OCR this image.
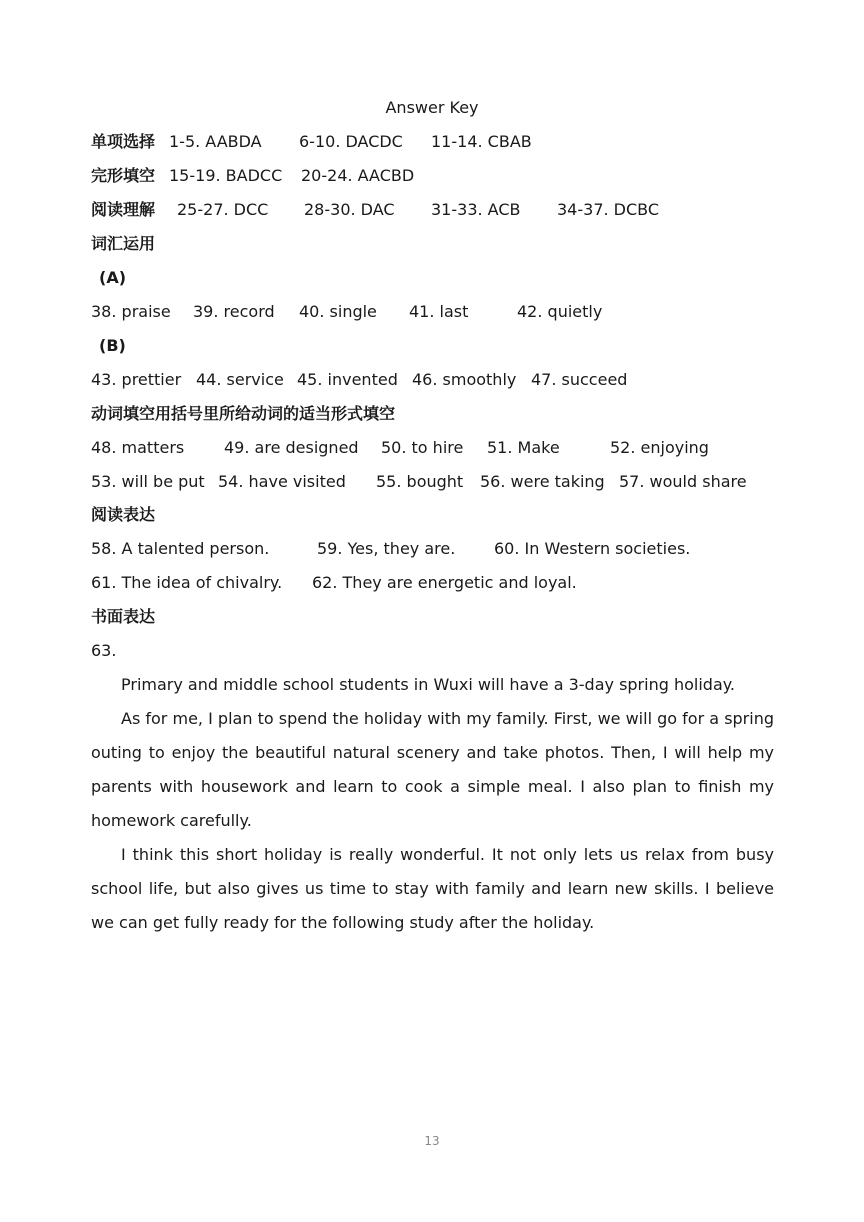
Answer Key
单项选择 1-5. AABDA 6-10. DACDC 11-14. CBAB
完形填空 15-19. BADCC 20-24. AACBD
阅读理解 25-27. DCC 28-30. DAC 31-33. ACB 34-37. DCBC
词汇运用
(A)
38. praise 39. record 40. single 41. last	42. quietly
(B)
43. prettier 44. service 45. invented 46. smoothly 47. succeed
动词填空用括号里所给动词的适当形式填空
48. matters 49. are designed 50. to hire 51. Make	52. enjoying
53. will be put 54. have visited 55. bought 56. were taking 57. would share
阅读表达
58. A talented person.	59. Yes, they are. 60. In Western societies.
61. The idea of chivalry. 62. They are energetic and loyal.
书面表达
63.

Primary and middle school students in Wuxi will have a 3-day spring holiday.

As for me, I plan to spend the holiday with my family. First, we will go for a spring outing to enjoy the beautiful natural scenery and take photos. Then, I will help my parents with housework and learn to cook a simple meal. I also plan to finish my homework carefully.

I think this short holiday is really wonderful. It not only lets us relax from busy school life, but also gives us time to stay with family and learn new skills. I believe we can get fully ready for the following study after the holiday.

13
